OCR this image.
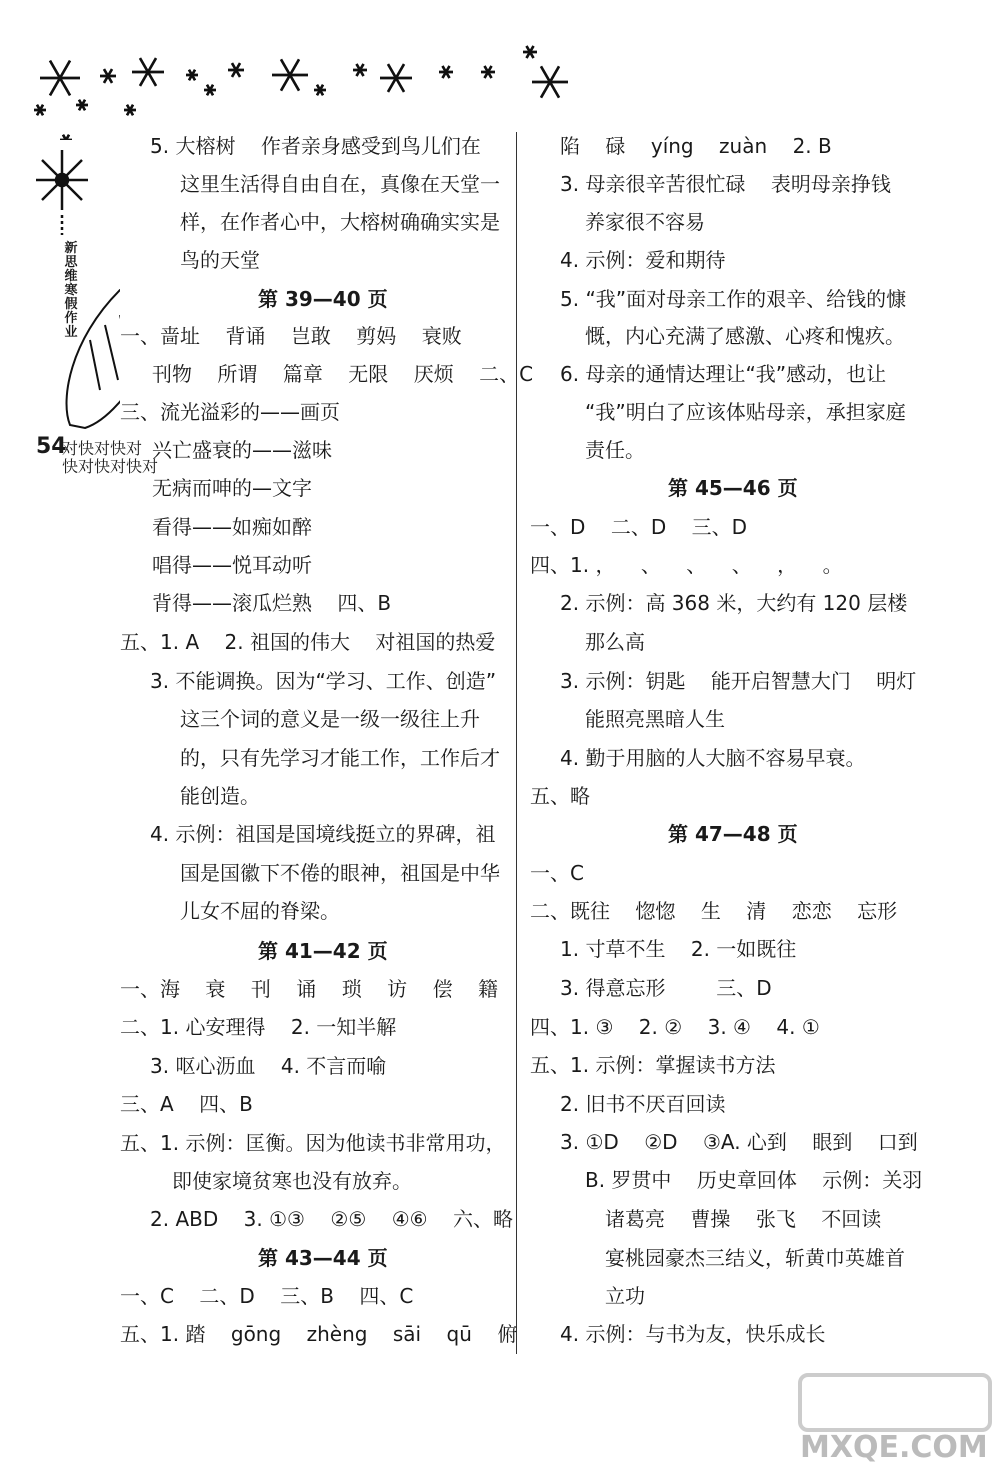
新
思
维
寒
假
作
业
54
对快对快对
快对快对快对
5. 大榕树    作者亲身感受到鸟儿们在
这里生活得自由自在，真像在天堂一
样，在作者心中，大榕树确确实实是
鸟的天堂
第 39—40 页
一、啬址    背诵    岂敢    剪妈    衰败
刊物    所谓    篇章    无限    厌烦    二、C
三、流光溢彩的——画页
兴亡盛衰的——滋味
无病而呻的—文字
看得——如痴如醉
唱得——悦耳动听
背得——滚瓜烂熟    四、B
五、1. A    2. 祖国的伟大    对祖国的热爱
3. 不能调换。因为“学习、工作、创造”
这三个词的意义是一级一级往上升
的，只有先学习才能工作，工作后才
能创造。
4. 示例：祖国是国境线挺立的界碑，祖
国是国徽下不倦的眼神，祖国是中华
儿女不屈的脊梁。
第 41—42 页
一、海    衰    刊    诵    琐    访    偿    籍
二、1. 心安理得    2. 一知半解
3. 呕心沥血    4. 不言而喻
三、A    四、B
五、1. 示例：匡衡。因为他读书非常用功，
即使家境贫寒也没有放弃。
2. ABD    3. ①③    ②⑤    ④⑥    六、略
第 43—44 页
一、C    二、D    三、B    四、C
五、1. 踏    gōng    zhèng    sāi    qū    俯
陷    碌    yíng    zuàn    2. B
3. 母亲很辛苦很忙碌    表明母亲挣钱
养家很不容易
4. 示例：爱和期待
5. “我”面对母亲工作的艰辛、给钱的慷
慨，内心充满了感激、心疼和愧疚。
6. 母亲的通情达理让“我”感动，也让
“我”明白了应该体贴母亲，承担家庭
责任。
第 45—46 页
一、D    二、D    三、D
四、1. ，    、    、    、    ，    。
2. 示例：高 368 米，大约有 120 层楼
那么高
3. 示例：钥匙    能开启智慧大门    明灯
能照亮黑暗人生
4. 勤于用脑的人大脑不容易早衰。
五、略
第 47—48 页
一、C
二、既往    惚惚    生    清    恋恋    忘形
1. 寸草不生    2. 一如既往
3. 得意忘形        三、D
四、1. ③    2. ②    3. ④    4. ①
五、1. 示例：掌握读书方法
2. 旧书不厌百回读
3. ①D    ②D    ③A. 心到    眼到    口到
B. 罗贯中    历史章回体    示例：关羽
诸葛亮    曹操    张飞    不回读
宴桃园豪杰三结义，斩黄巾英雄首
立功
4. 示例：与书为友，快乐成长
MXQE.COM
